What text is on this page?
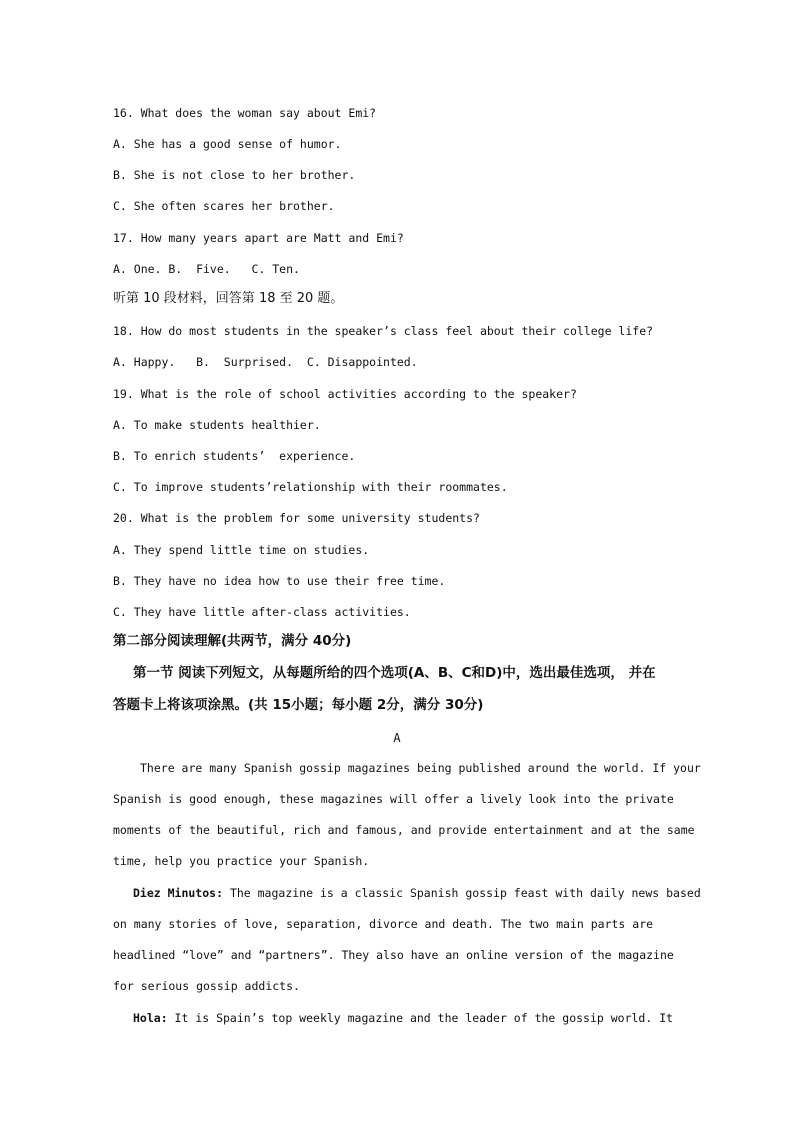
16. What does the woman say about Emi?

A. She has a good sense of humor.

B. She is not close to her brother.

C. She often scares her brother.

17. How many years apart are Matt and Emi?

A. One. B.  Five.   C. Ten.

听第 10 段材料，回答第 18 至 20 题。

18. How do most students in the speaker’s class feel about their college life?

A. Happy.   B.  Surprised.  C. Disappointed.

19. What is the role of school activities according to the speaker?

A. To make students healthier.

B. To enrich students’  experience.

C. To improve students’relationship with their roommates.

20. What is the problem for some university students?

A. They spend little time on studies.

B. They have no idea how to use their free time.

C. They have little after-class activities.

第二部分阅读理解(共两节，满分 40分)

第一节 阅读下列短文，从每题所给的四个选项(A、B、C和D)中，选出最佳选项， 并在

答题卡上将该项涂黑。(共 15小题；每小题 2分，满分 30分)

A

There are many Spanish gossip magazines being published around the world. If your

Spanish is good enough, these magazines will offer a lively look into the private

moments of the beautiful, rich and famous, and provide entertainment and at the same

time, help you practice your Spanish.

Diez Minutos: The magazine is a classic Spanish gossip feast with daily news based

on many stories of love, separation, divorce and death. The two main parts are

headlined “love” and “partners”. They also have an online version of the magazine

for serious gossip addicts.

Hola: It is Spain’s top weekly magazine and the leader of the gossip world. It
